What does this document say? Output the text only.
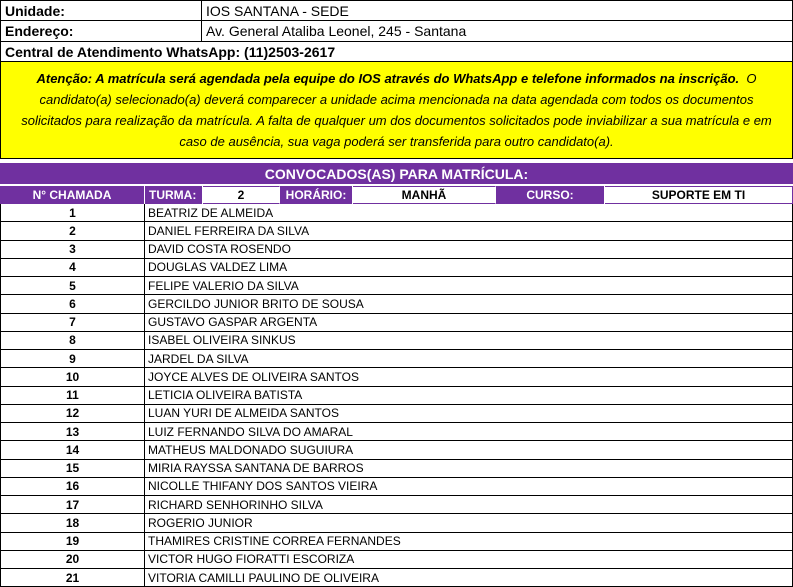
Unidade:	IOS SANTANA - SEDE
Endereço:	Av. General Ataliba Leonel, 245 - Santana
Central de Atendimento WhatsApp: (11)2503-2617

Atenção: A matrícula será agendada pela equipe do IOS através do WhatsApp e telefone informados na inscrição. O candidato(a) selecionado(a) deverá comparecer a unidade acima mencionada na data agendada com todos os documentos solicitados para realização da matrícula. A falta de qualquer um dos documentos solicitados pode inviabilizar a sua matrícula e em caso de ausência, sua vaga poderá ser transferida para outro candidato(a).

CONVOCADOS(AS) PARA MATRÍCULA:
N° CHAMADA	TURMA:	2	HORÁRIO:	MANHÃ	CURSO:	SUPORTE EM TI
1	BEATRIZ DE ALMEIDA
2	DANIEL FERREIRA DA SILVA
3	DAVID COSTA ROSENDO
4	DOUGLAS VALDEZ LIMA
5	FELIPE VALERIO DA SILVA
6	GERCILDO JUNIOR BRITO DE SOUSA
7	GUSTAVO GASPAR ARGENTA
8	ISABEL OLIVEIRA SINKUS
9	JARDEL DA SILVA
10	JOYCE ALVES DE OLIVEIRA SANTOS
11	LETICIA OLIVEIRA BATISTA
12	LUAN YURI DE ALMEIDA SANTOS
13	LUIZ FERNANDO SILVA DO AMARAL
14	MATHEUS MALDONADO SUGUIURA
15	MIRIA RAYSSA SANTANA DE BARROS
16	NICOLLE THIFANY DOS SANTOS VIEIRA
17	RICHARD SENHORINHO SILVA
18	ROGERIO JUNIOR
19	THAMIRES CRISTINE CORREA FERNANDES
20	VICTOR HUGO FIORATTI ESCORIZA
21	VITORIA CAMILLI PAULINO DE OLIVEIRA
